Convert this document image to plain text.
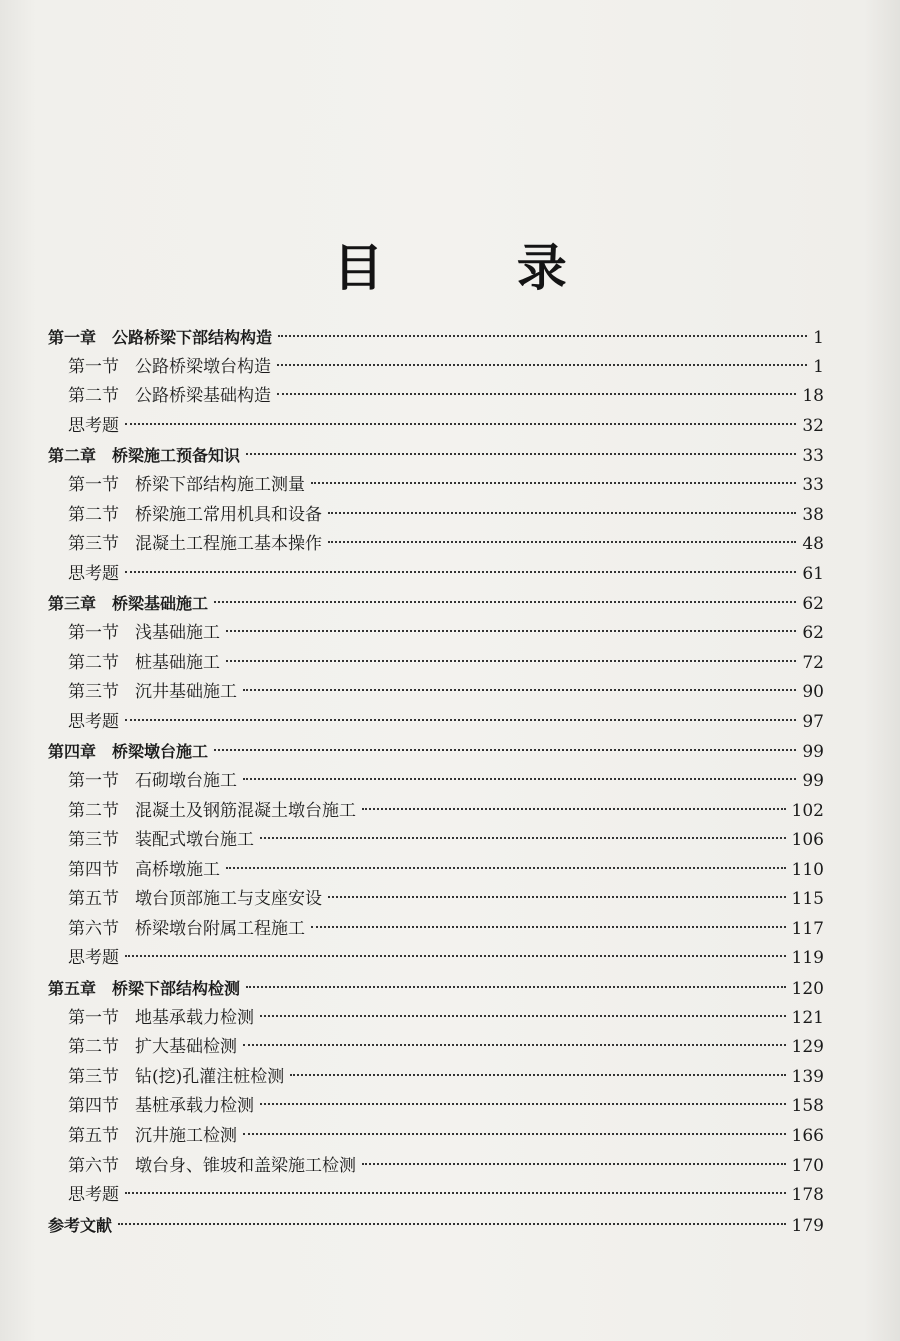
目 录
第一章 公路桥梁下部结构构造	1
第一节 公路桥梁墩台构造	1
第二节 公路桥梁基础构造	18
思考题	32
第二章 桥梁施工预备知识	33
第一节 桥梁下部结构施工测量	33
第二节 桥梁施工常用机具和设备	38
第三节 混凝土工程施工基本操作	48
思考题	61
第三章 桥梁基础施工	62
第一节 浅基础施工	62
第二节 桩基础施工	72
第三节 沉井基础施工	90
思考题	97
第四章 桥梁墩台施工	99
第一节 石砌墩台施工	99
第二节 混凝土及钢筋混凝土墩台施工	102
第三节 装配式墩台施工	106
第四节 高桥墩施工	110
第五节 墩台顶部施工与支座安设	115
第六节 桥梁墩台附属工程施工	117
思考题	119
第五章 桥梁下部结构检测	120
第一节 地基承载力检测	121
第二节 扩大基础检测	129
第三节 钻(挖)孔灌注桩检测	139
第四节 基桩承载力检测	158
第五节 沉井施工检测	166
第六节 墩台身、锥坡和盖梁施工检测	170
思考题	178
参考文献	179
